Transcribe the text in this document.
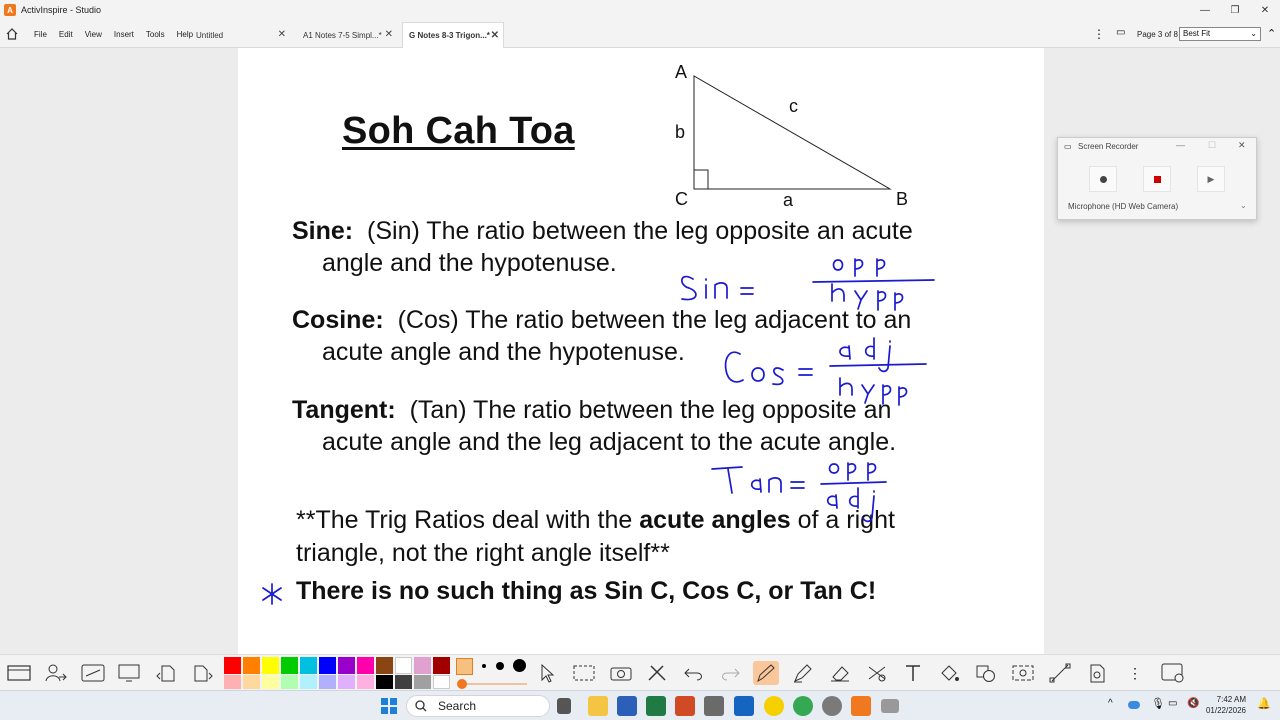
A ActivInspire - Studio	—	❐	✕
File Edit View Insert Tools Help Untitled	✕ A1 Notes 7-5 Simpl...* ✕ G Notes 8-3 Trigon...* ✕	⋮ ▭ Page 3 of 8 Best Fit	⌄ ⌃
Soh Cah Toa
A
b
c
C	a	B
Sine: (Sin) The ratio between the leg opposite an acute
angle and the hypotenuse.
Cosine: (Cos) The ratio between the leg adjacent to an
acute angle and the hypotenuse.
Tangent: (Tan) The ratio between the leg opposite an
acute angle and the leg adjacent to the acute angle.
**The Trig Ratios deal with the acute angles of a right
triangle, not the right angle itself**
There is no such thing as Sin C, Cos C, or Tan C!
▭ Screen Recorder	—	☐ ✕
▶
Microphone (HD Web Camera)	⌄
⋮
Search	^	🎙 ▭ 🔇	7:42 AM
01/22/2026
🔔
